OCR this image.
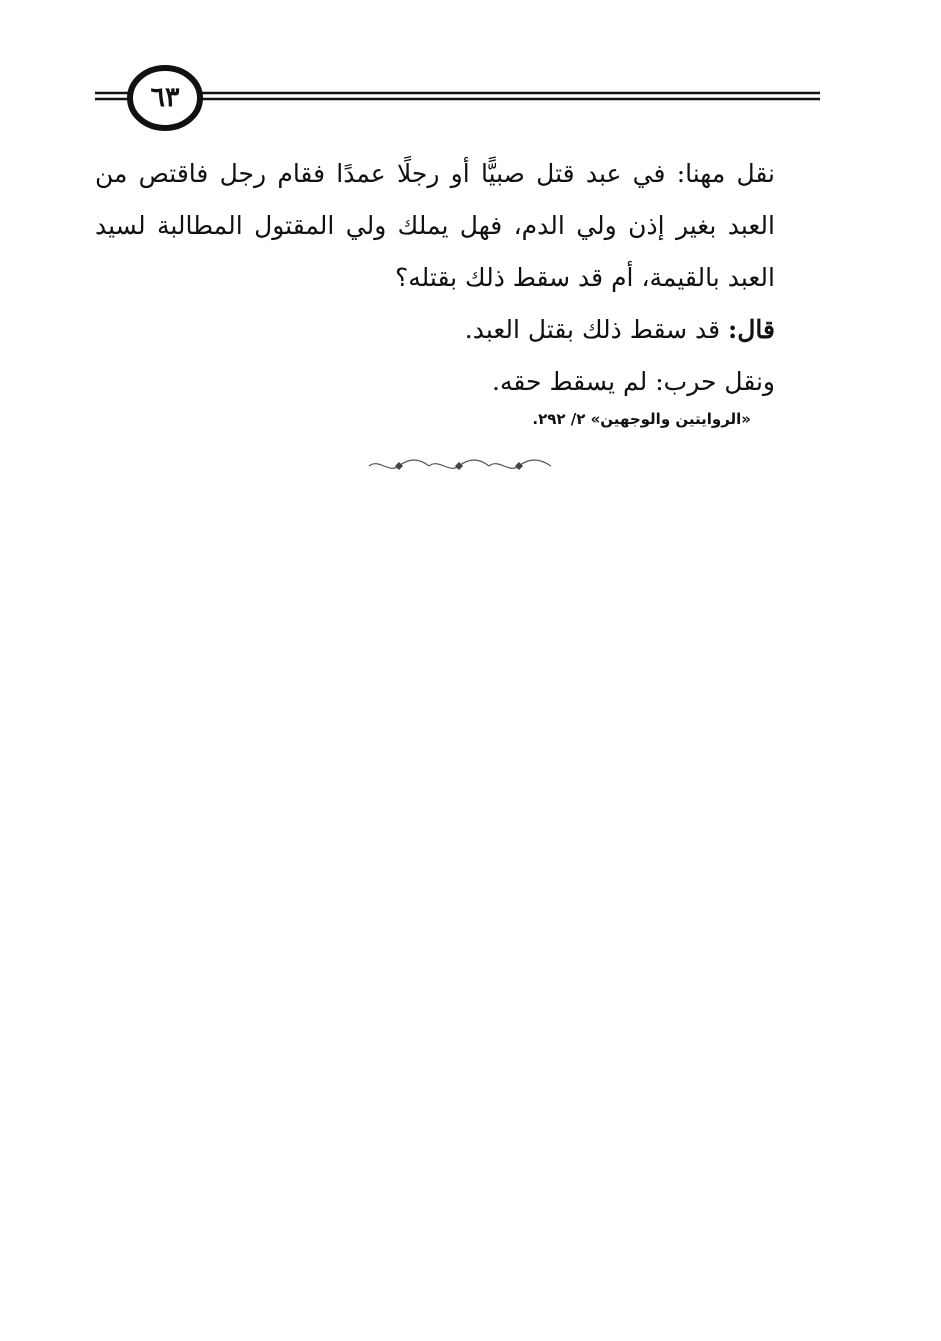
٦٣

نقل مهنا: في عبد قتل صبيًّا أو رجلًا عمدًا فقام رجل فاقتص من العبد بغير إذن ولي الدم، فهل يملك ولي المقتول المطالبة لسيد العبد بالقيمة، أم قد سقط ذلك بقتله؟

قال: قد سقط ذلك بقتل العبد.

ونقل حرب: لم يسقط حقه.

«الروايتين والوجهين» ٢/ ٢٩٢.
